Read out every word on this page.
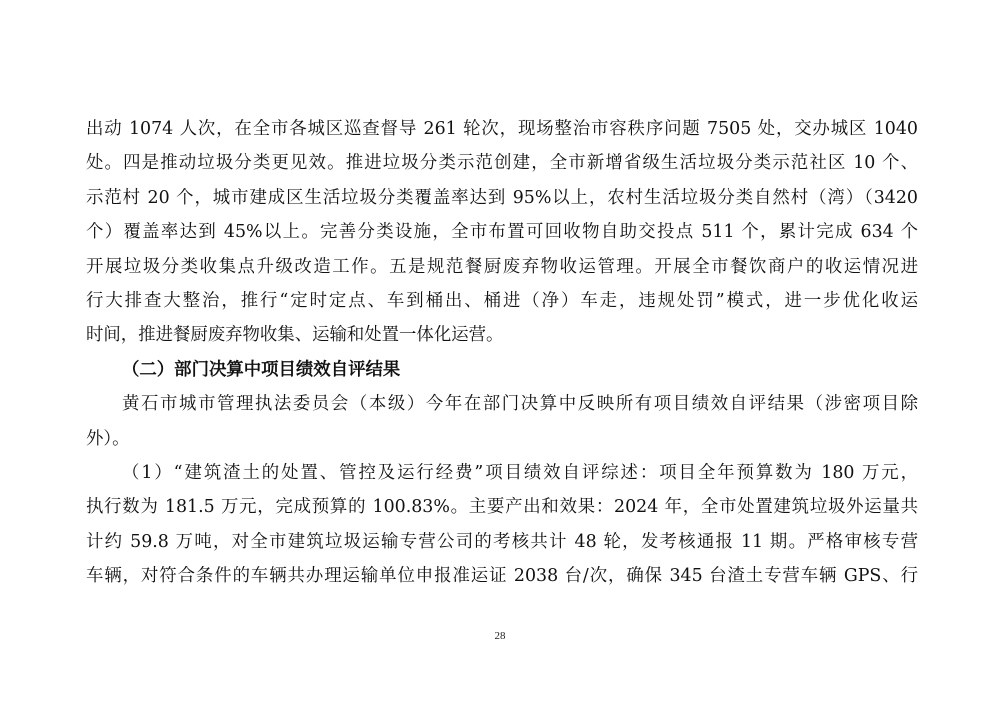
出动 1074 人次，在全市各城区巡查督导 261 轮次，现场整治市容秩序问题 7505 处，交办城区 1040
处。四是推动垃圾分类更见效。推进垃圾分类示范创建，全市新增省级生活垃圾分类示范社区 10 个、
示范村 20 个，城市建成区生活垃圾分类覆盖率达到 95%以上，农村生活垃圾分类自然村（湾）（3420
个）覆盖率达到 45%以上。完善分类设施，全市布置可回收物自助交投点 511 个，累计完成 634 个
开展垃圾分类收集点升级改造工作。五是规范餐厨废弃物收运管理。开展全市餐饮商户的收运情况进
行大排查大整治，推行“定时定点、车到桶出、桶进（净）车走，违规处罚”模式，进一步优化收运
时间，推进餐厨废弃物收集、运输和处置一体化运营。
（二）部门决算中项目绩效自评结果
黄石市城市管理执法委员会（本级）今年在部门决算中反映所有项目绩效自评结果（涉密项目除
外）。
（1）“建筑渣土的处置、管控及运行经费”项目绩效自评综述：项目全年预算数为 180 万元，
执行数为 181.5 万元，完成预算的 100.83%。主要产出和效果：2024 年，全市处置建筑垃圾外运量共
计约 59.8 万吨，对全市建筑垃圾运输专营公司的考核共计 48 轮，发考核通报 11 期。严格审核专营
车辆，对符合条件的车辆共办理运输单位申报准运证 2038 台/次，确保 345 台渣土专营车辆 GPS、行
28
